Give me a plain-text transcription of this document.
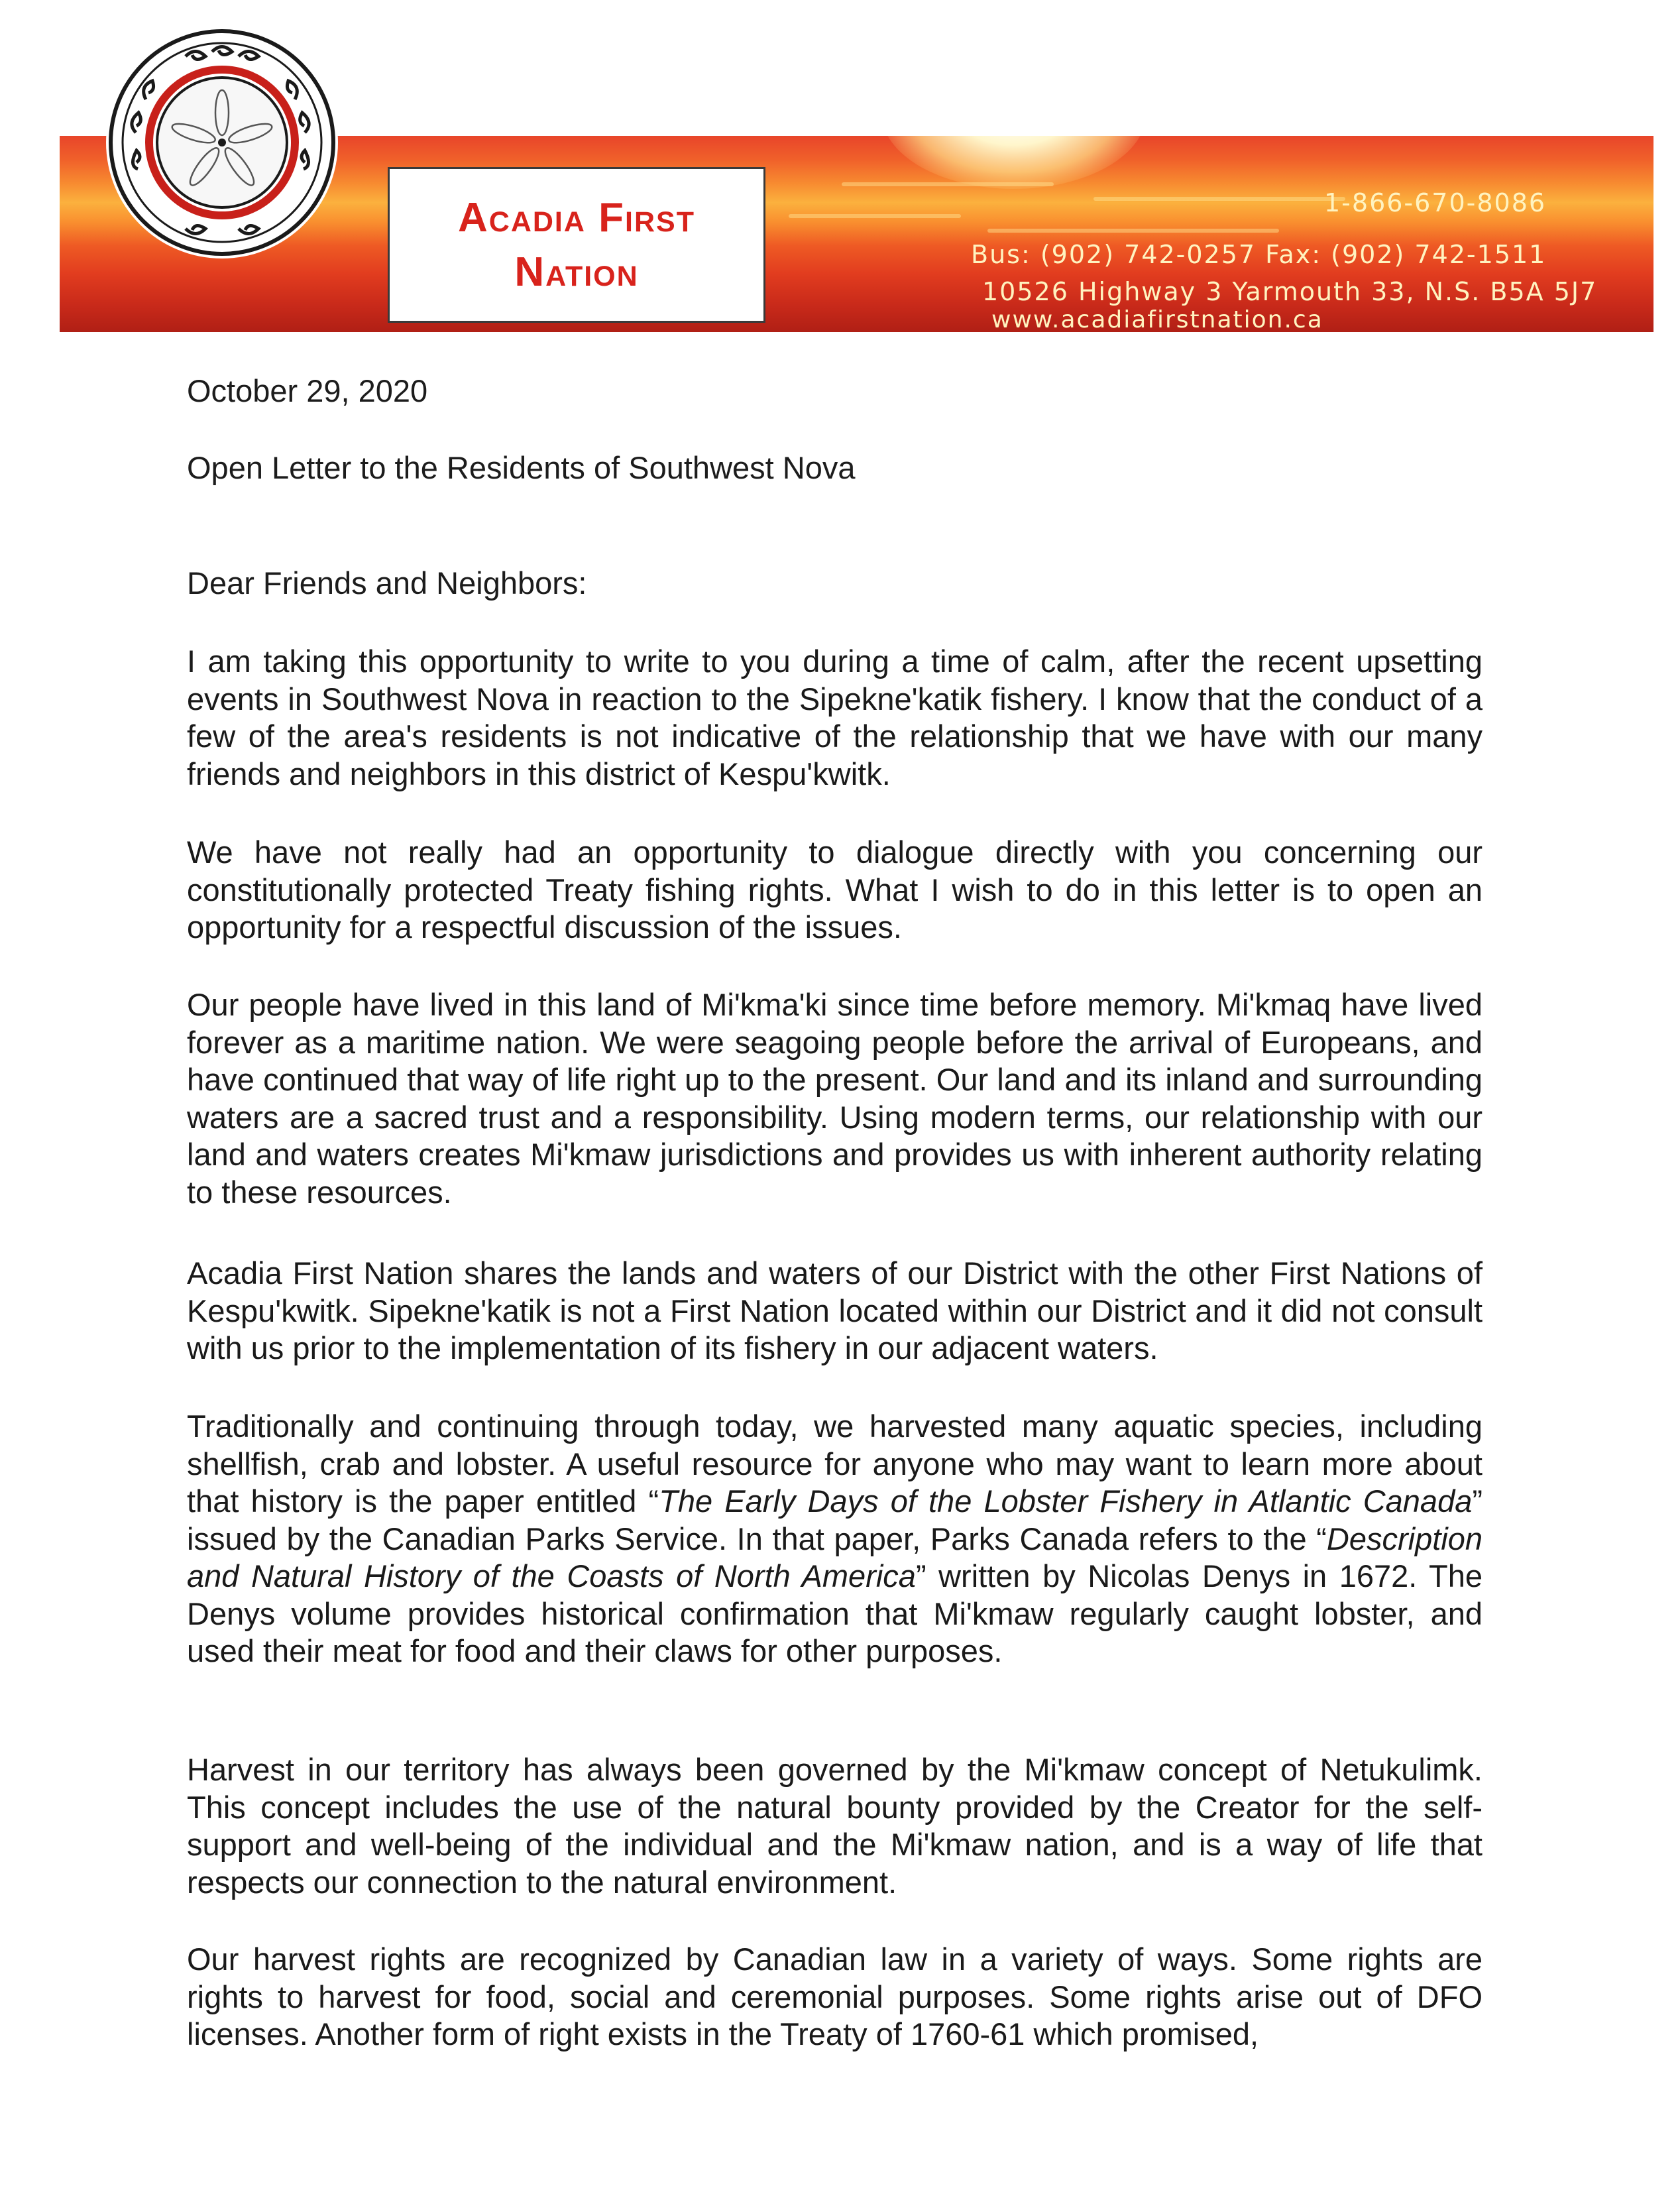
Acadia First
Nation
1-866-670-8086
Bus: (902) 742-0257 Fax: (902) 742-1511
10526 Highway 3 Yarmouth 33, N.S. B5A 5J7
www.acadiafirstnation.ca
October 29, 2020
Open Letter to the Residents of Southwest Nova
Dear Friends and Neighbors:
I am taking this opportunity to write to you during a time of calm, after the recent upsetting events in Southwest Nova in reaction to the Sipekne'katik fishery. I know that the conduct of a few of the area's residents is not indicative of the relationship that we have with our many friends and neighbors in this district of Kespu'kwitk.
We have not really had an opportunity to dialogue directly with you concerning our constitutionally protected Treaty fishing rights. What I wish to do in this letter is to open an opportunity for a respectful discussion of the issues.
Our people have lived in this land of Mi'kma'ki since time before memory. Mi'kmaq have lived forever as a maritime nation. We were seagoing people before the arrival of Europeans, and have continued that way of life right up to the present. Our land and its inland and surrounding waters are a sacred trust and a responsibility. Using modern terms, our relationship with our land and waters creates Mi'kmaw jurisdictions and provides us with inherent authority relating to these resources.
Acadia First Nation shares the lands and waters of our District with the other First Nations of Kespu'kwitk. Sipekne'katik is not a First Nation located within our District and it did not consult with us prior to the implementation of its fishery in our adjacent waters.
Traditionally and continuing through today, we harvested many aquatic species, including shellfish, crab and lobster. A useful resource for anyone who may want to learn more about that history is the paper entitled “The Early Days of the Lobster Fishery in Atlantic Canada” issued by the Canadian Parks Service. In that paper, Parks Canada refers to the “Description and Natural History of the Coasts of North America” written by Nicolas Denys in 1672. The Denys volume provides historical confirmation that Mi'kmaw regularly caught lobster, and used their meat for food and their claws for other purposes.
Harvest in our territory has always been governed by the Mi'kmaw concept of Netukulimk. This concept includes the use of the natural bounty provided by the Creator for the self-support and well-being of the individual and the Mi'kmaw nation, and is a way of life that respects our connection to the natural environment.
Our harvest rights are recognized by Canadian law in a variety of ways. Some rights are rights to harvest for food, social and ceremonial purposes. Some rights arise out of DFO licenses. Another form of right exists in the Treaty of 1760-61 which promised,
